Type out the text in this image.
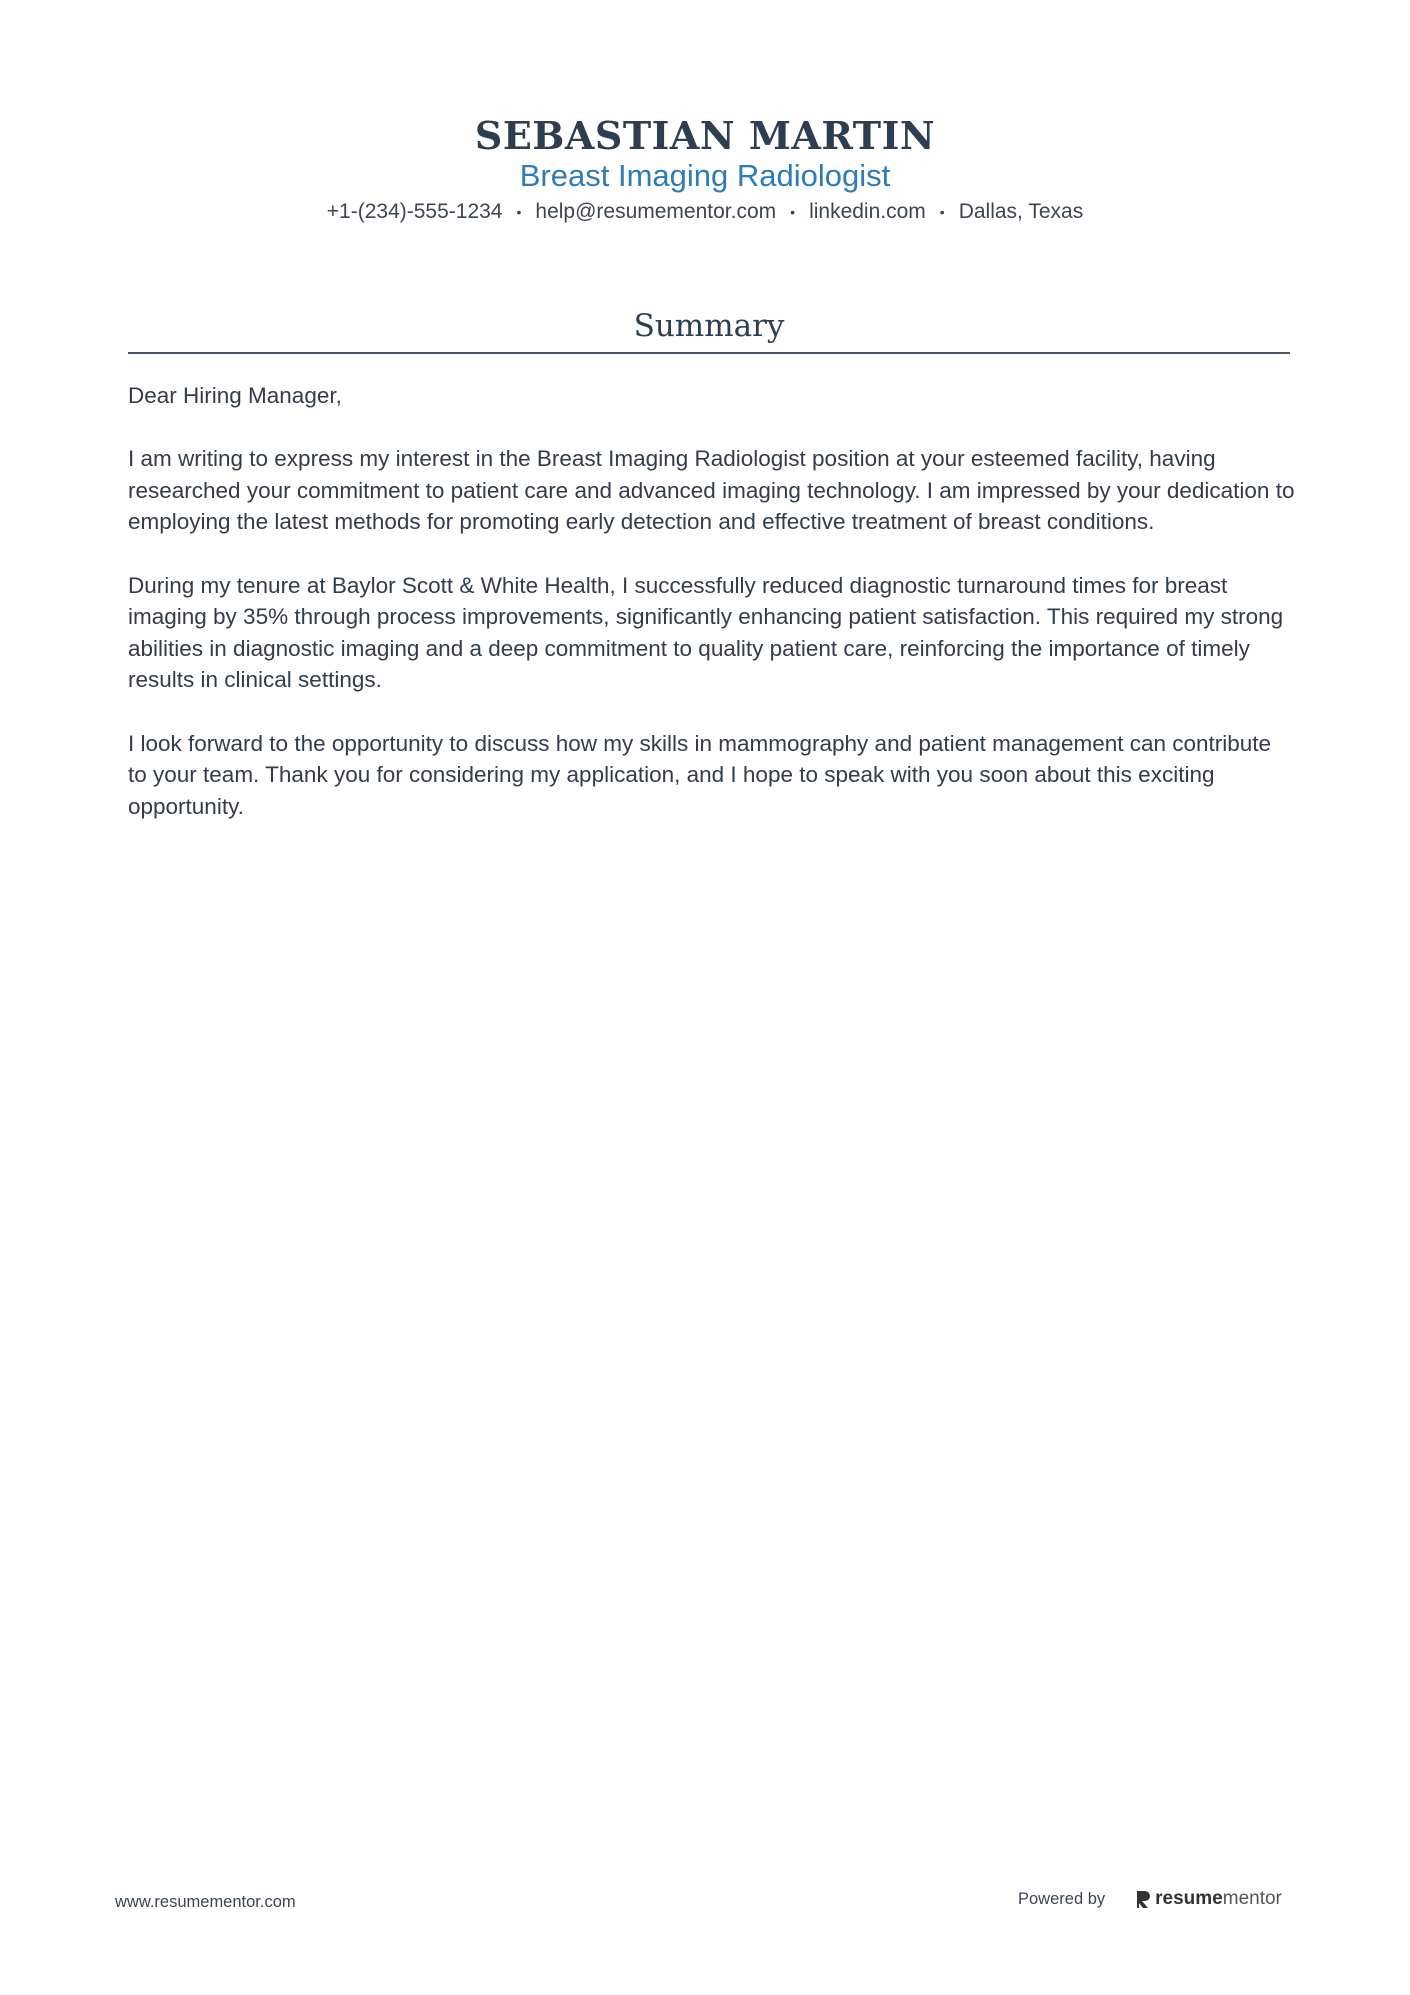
SEBASTIAN MARTIN
Breast Imaging Radiologist
+1-(234)-555-1234 • help@resumementor.com • linkedin.com • Dallas, Texas
Summary

Dear Hiring Manager,

I am writing to express my interest in the Breast Imaging Radiologist position at your esteemed facility, having researched your commitment to patient care and advanced imaging technology. I am impressed by your dedication to employing the latest methods for promoting early detection and effective treatment of breast conditions.

During my tenure at Baylor Scott & White Health, I successfully reduced diagnostic turnaround times for breast imaging by 35% through process improvements, significantly enhancing patient satisfaction. This required my strong abilities in diagnostic imaging and a deep commitment to quality patient care, reinforcing the importance of timely results in clinical settings.

I look forward to the opportunity to discuss how my skills in mammography and patient management can contribute to your team. Thank you for considering my application, and I hope to speak with you soon about this exciting opportunity.

www.resumementor.com	Powered by	resume mentor
